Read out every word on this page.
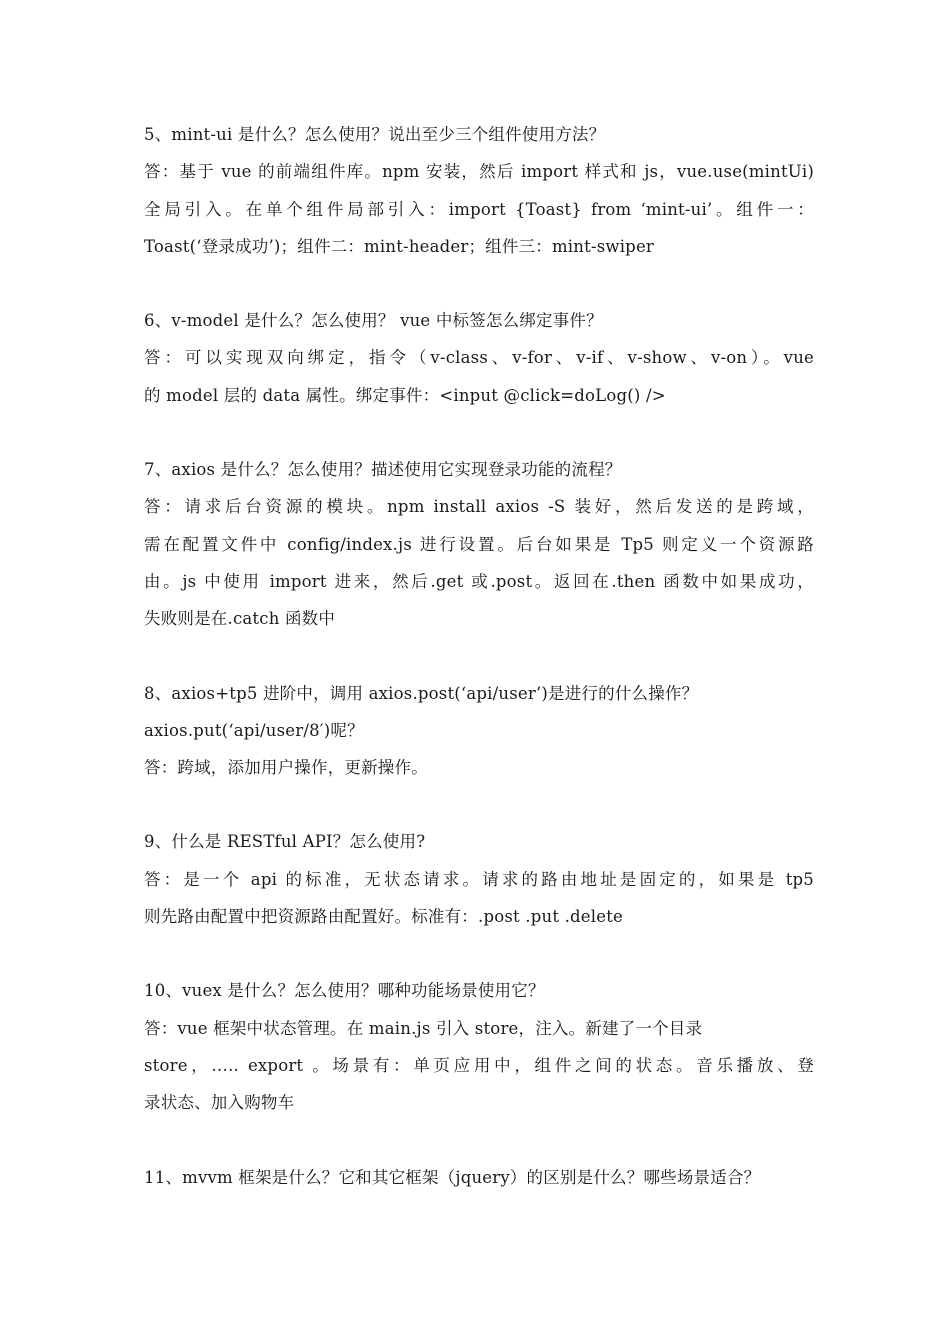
5、mint-ui 是什么？怎么使用？说出至少三个组件使用方法？
答：基于 vue 的前端组件库。npm 安装，然后 import 样式和 js，vue.use(mintUi)
全局引入。在单个组件局部引入：import {Toast} from ‘mint-ui’。组件一：
Toast(‘登录成功’)；组件二：mint-header；组件三：mint-swiper
6、v-model 是什么？怎么使用？ vue 中标签怎么绑定事件？
答：可以实现双向绑定，指令（v-class、v-for、v-if、v-show、v-on）。vue
的 model 层的 data 属性。绑定事件：<input @click=doLog() />
7、axios 是什么？怎么使用？描述使用它实现登录功能的流程？
答：请求后台资源的模块。npm install axios -S 装好，然后发送的是跨域，
需在配置文件中 config/index.js 进行设置。后台如果是 Tp5 则定义一个资源路
由。js 中使用 import 进来，然后.get 或.post。返回在.then 函数中如果成功，
失败则是在.catch 函数中
8、axios+tp5 进阶中，调用 axios.post(‘api/user’)是进行的什么操作？
axios.put(‘api/user/8′)呢？
答：跨域，添加用户操作，更新操作。
9、什么是 RESTful API？怎么使用?
答：是一个 api 的标准，无状态请求。请求的路由地址是固定的，如果是 tp5
则先路由配置中把资源路由配置好。标准有：.post .put .delete
10、vuex 是什么？怎么使用？哪种功能场景使用它？
答：vue 框架中状态管理。在 main.js 引入 store，注入。新建了一个目录
store，….. export 。场景有：单页应用中，组件之间的状态。音乐播放、登
录状态、加入购物车
11、mvvm 框架是什么？它和其它框架（jquery）的区别是什么？哪些场景适合？
